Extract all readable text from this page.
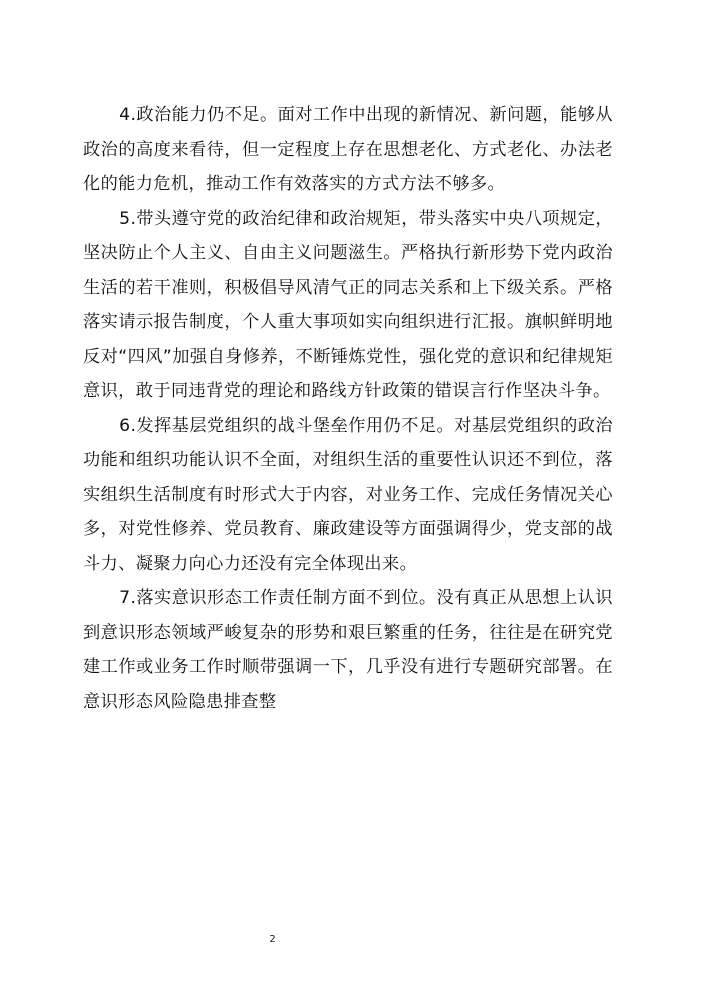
4.政治能力仍不足。面对工作中出现的新情况、新问题，能够从政治的高度来看待，但一定程度上存在思想老化、方式老化、办法老化的能力危机，推动工作有效落实的方式方法不够多。

5.带头遵守党的政治纪律和政治规矩，带头落实中央八项规定，坚决防止个人主义、自由主义问题滋生。严格执行新形势下党内政治生活的若干准则，积极倡导风清气正的同志关系和上下级关系。严格落实请示报告制度，个人重大事项如实向组织进行汇报。旗帜鲜明地反对“四风”加强自身修养，不断锤炼党性，强化党的意识和纪律规矩意识，敢于同违背党的理论和路线方针政策的错误言行作坚决斗争。

6.发挥基层党组织的战斗堡垒作用仍不足。对基层党组织的政治功能和组织功能认识不全面，对组织生活的重要性认识还不到位，落实组织生活制度有时形式大于内容，对业务工作、完成任务情况关心多，对党性修养、党员教育、廉政建设等方面强调得少，党支部的战斗力、凝聚力向心力还没有完全体现出来。

7.落实意识形态工作责任制方面不到位。没有真正从思想上认识到意识形态领域严峻复杂的形势和艰巨繁重的任务，往往是在研究党建工作或业务工作时顺带强调一下，几乎没有进行专题研究部署。在意识形态风险隐患排查整

2
